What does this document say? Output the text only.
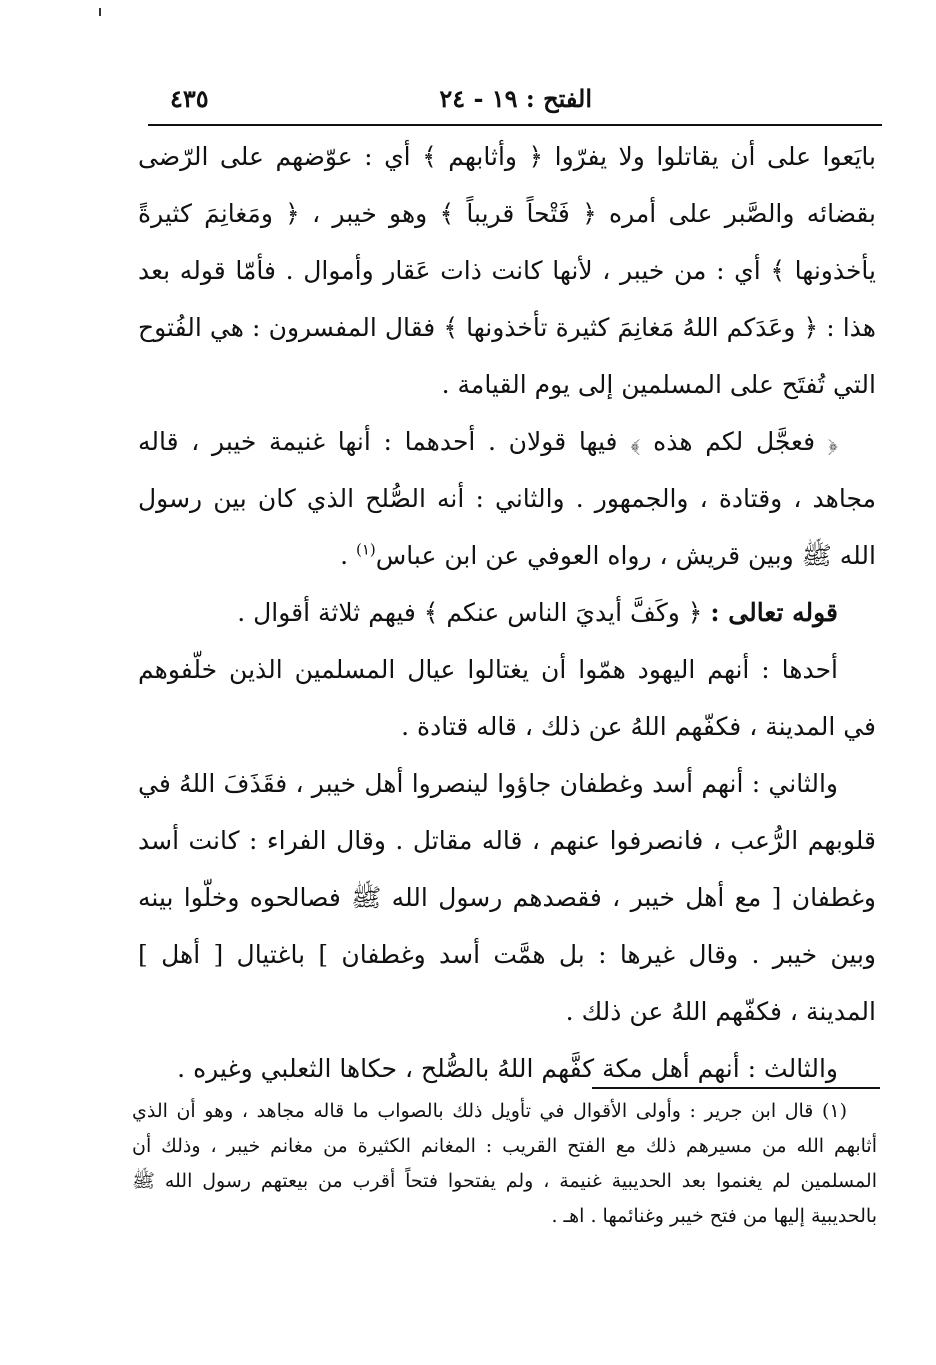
الفتح : ١٩ - ٢٤
٤٣٥

بايَعوا على أن يقاتلوا ولا يفرّوا ﴿ وأثابهم ﴾ أي : عوّضهم على الرّضى بقضائه والصَّبر على أمره ﴿ فَتْحاً قريباً ﴾ وهو خيبر ، ﴿ ومَغانِمَ كثيرةً يأخذونها ﴾ أي : من خيبر ، لأنها كانت ذات عَقار وأموال . فأمّا قوله بعد هذا : ﴿ وعَدَكم اللهُ مَغانِمَ كثيرة تأخذونها ﴾ فقال المفسرون : هي الفُتوح التي تُفتَح على المسلمين إلى يوم القيامة .

﴿ فعجَّل لكم هذه ﴾ فيها قولان . أحدهما : أنها غنيمة خيبر ، قاله مجاهد ، وقتادة ، والجمهور . والثاني : أنه الصُّلح الذي كان بين رسول الله ﷺ وبين قريش ، رواه العوفي عن ابن عباس$^{(١)}$ .

قوله تعالى : ﴿ وكَفَّ أيديَ الناس عنكم ﴾ فيهم ثلاثة أقوال .

أحدها : أنهم اليهود همّوا أن يغتالوا عيال المسلمين الذين خلّفوهم في المدينة ، فكفّهم اللهُ عن ذلك ، قاله قتادة .

والثاني : أنهم أسد وغطفان جاؤوا لينصروا أهل خيبر ، فقَذَفَ اللهُ في قلوبهم الرُّعب ، فانصرفوا عنهم ، قاله مقاتل . وقال الفراء : كانت أسد وغطفان [ مع أهل خيبر ، فقصدهم رسول الله ﷺ فصالحوه وخلّوا بينه وبين خيبر . وقال غيرها : بل همَّت أسد وغطفان ] باغتيال [ أهل ] المدينة ، فكفّهم اللهُ عن ذلك .

والثالث : أنهم أهل مكة كفَّهم اللهُ بالصُّلح ، حكاها الثعلبي وغيره .

(١) قال ابن جرير : وأولى الأقوال في تأويل ذلك بالصواب ما قاله مجاهد ، وهو أن الذي أثابهم الله من مسيرهم ذلك مع الفتح القريب : المغانم الكثيرة من مغانم خيبر ، وذلك أن المسلمين لم يغنموا بعد الحديبية غنيمة ، ولم يفتحوا فتحاً أقرب من بيعتهم رسول الله ﷺ بالحديبية إليها من فتح خيبر وغنائمها . اهـ .
